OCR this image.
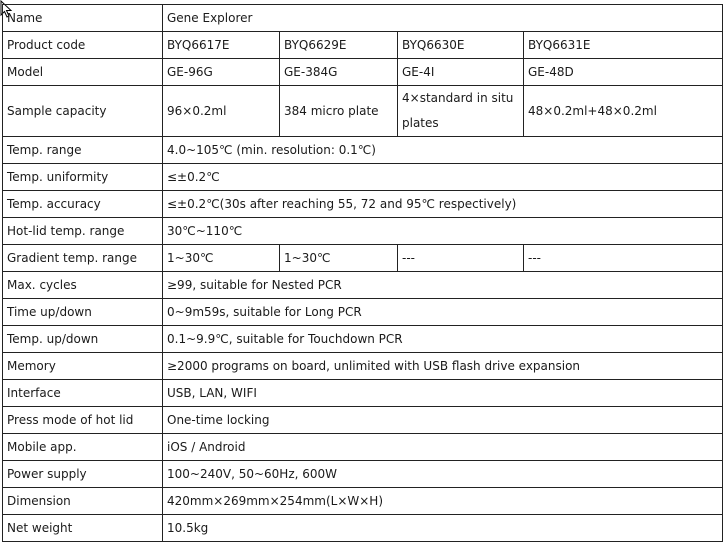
Name	Gene Explorer			
Product code	BYQ6617E	BYQ6629E	BYQ6630E	BYQ6631E
Model	GE-96G	GE-384G	GE-4I	GE-48D
Sample capacity	96×0.2ml	384 micro plate	4×standard in situ plates	48×0.2ml+48×0.2ml
Temp. range	4.0~105℃ (min. resolution: 0.1℃)			
Temp. uniformity	≤±0.2℃			
Temp. accuracy	≤±0.2℃(30s after reaching 55, 72 and 95℃ respectively)			
Hot-lid temp. range	30℃~110℃			
Gradient temp. range	1~30℃	1~30℃	---	---
Max. cycles	≥99, suitable for Nested PCR			
Time up/down	0~9m59s, suitable for Long PCR			
Temp. up/down	0.1~9.9℃, suitable for Touchdown PCR			
Memory	≥2000 programs on board, unlimited with USB flash drive expansion			
Interface	USB, LAN, WIFI			
Press mode of hot lid	One-time locking			
Mobile app.	iOS / Android			
Power supply	100~240V, 50~60Hz, 600W			
Dimension	420mm×269mm×254mm(L×W×H)			
Net weight	10.5kg			
